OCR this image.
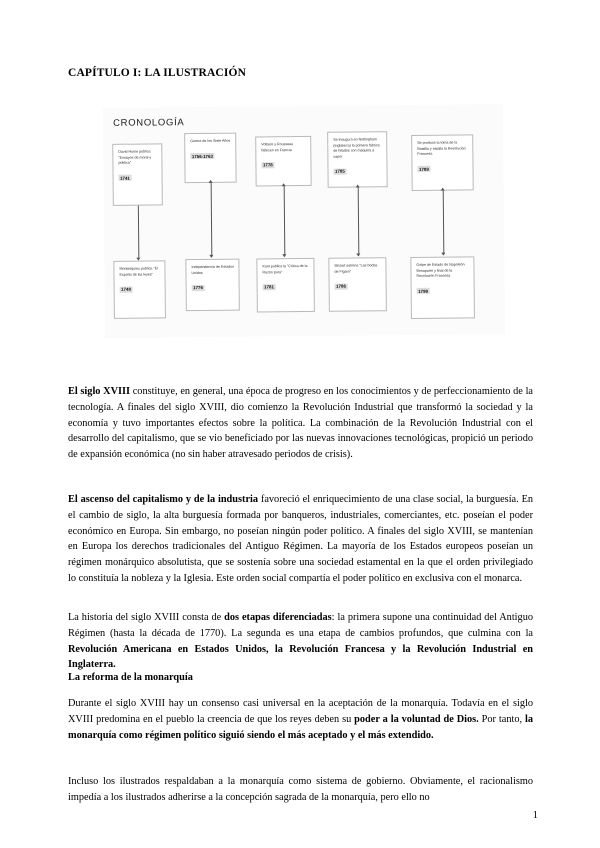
CAPÍTULO I: LA ILUSTRACIÓN
CRONOLOGÍA
David Hume publica "Ensayos de moral y política"
1741
Guerra de los Siete Años
1756-1763
Voltaire y Rousseau fallecen en Francia
1778
Se inaugura en Nottingham (Inglaterra) la primera fábrica de hilados con máquina a vapor
1785
Se produce la toma de la Bastilla y estalla la Revolución Francesa
1789
Montesquieu publica "El Espíritu de las leyes"
1748
Independencia de Estados Unidos
1776
Kant publica la "Crítica de la Razón pura"
1781
Mozart estrena "Las bodas de Fígaro"
1786
Golpe de Estado de Napoleón Bonaparte y final de la Revolución Francesa
1799

El siglo XVIII constituye, en general, una época de progreso en los conocimientos y de perfeccionamiento de la tecnología. A finales del siglo XVIII, dio comienzo la Revolución Industrial que transformó la sociedad y la economía y tuvo importantes efectos sobre la política. La combinación de la Revolución Industrial con el desarrollo del capitalismo, que se vio beneficiado por las nuevas innovaciones tecnológicas, propició un periodo de expansión económica (no sin haber atravesado periodos de crisis).

El ascenso del capitalismo y de la industria favoreció el enriquecimiento de una clase social, la burguesía. En el cambio de siglo, la alta burguesía formada por banqueros, industriales, comerciantes, etc. poseían el poder económico en Europa. Sin embargo, no poseían ningún poder político. A finales del siglo XVIII, se mantenían en Europa los derechos tradicionales del Antiguo Régimen. La mayoría de los Estados europeos poseían un régimen monárquico absolutista, que se sostenía sobre una sociedad estamental en la que el orden privilegiado lo constituía la nobleza y la Iglesia. Este orden social compartía el poder político en exclusiva con el monarca.

La historia del siglo XVIII consta de dos etapas diferenciadas: la primera supone una continuidad del Antiguo Régimen (hasta la década de 1770). La segunda es una etapa de cambios profundos, que culmina con la Revolución Americana en Estados Unidos, la Revolución Francesa y la Revolución Industrial en Inglaterra.

La reforma de la monarquía

Durante el siglo XVIII hay un consenso casi universal en la aceptación de la monarquía. Todavía en el siglo XVIII predomina en el pueblo la creencia de que los reyes deben su poder a la voluntad de Dios. Por tanto, la monarquía como régimen político siguió siendo el más aceptado y el más extendido.

Incluso los ilustrados respaldaban a la monarquía como sistema de gobierno. Obviamente, el racionalismo impedía a los ilustrados adherirse a la concepción sagrada de la monarquía, pero ello no

1
